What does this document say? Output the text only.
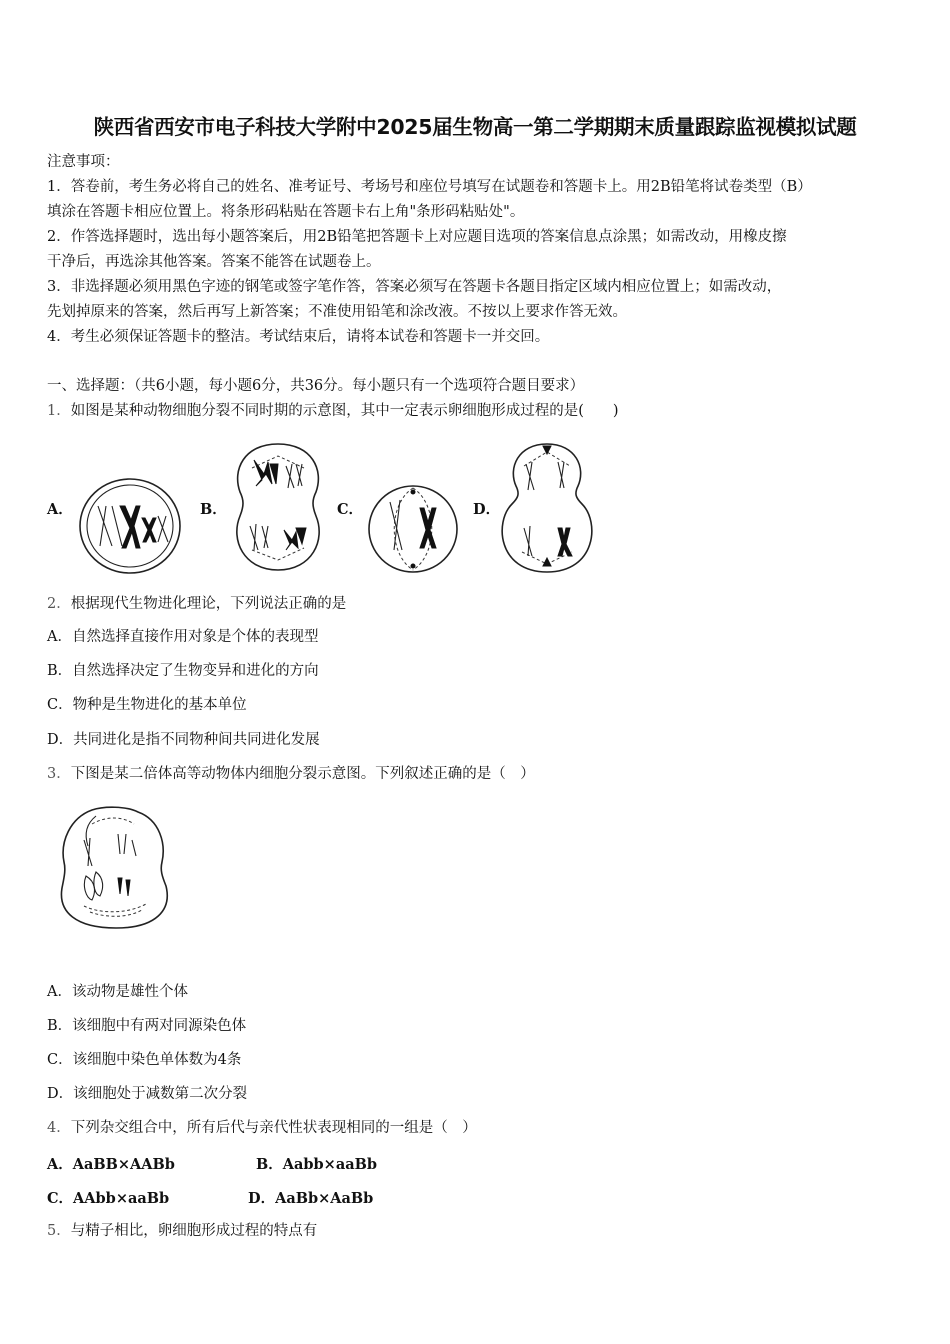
陕西省西安市电子科技大学附中2025届生物高一第二学期期末质量跟踪监视模拟试题
注意事项：
1．答卷前，考生务必将自己的姓名、准考证号、考场号和座位号填写在试题卷和答题卡上。用2B铅笔将试卷类型（B）
填涂在答题卡相应位置上。将条形码粘贴在答题卡右上角"条形码粘贴处"。
2．作答选择题时，选出每小题答案后，用2B铅笔把答题卡上对应题目选项的答案信息点涂黑；如需改动，用橡皮擦
干净后，再选涂其他答案。答案不能答在试题卷上。
3．非选择题必须用黑色字迹的钢笔或签字笔作答，答案必须写在答题卡各题目指定区域内相应位置上；如需改动，
先划掉原来的答案，然后再写上新答案；不准使用铅笔和涂改液。不按以上要求作答无效。
4．考生必须保证答题卡的整洁。考试结束后，请将本试卷和答题卡一并交回。
一、选择题：（共6小题，每小题6分，共36分。每小题只有一个选项符合题目要求）
1．如图是某种动物细胞分裂不同时期的示意图，其中一定表示卵细胞形成过程的是(　　)
A．	B．	C．	D．
2．根据现代生物进化理论，下列说法正确的是
A．自然选择直接作用对象是个体的表现型
B．自然选择决定了生物变异和进化的方向
C．物种是生物进化的基本单位
D．共同进化是指不同物种间共同进化发展
3．下图是某二倍体高等动物体内细胞分裂示意图。下列叙述正确的是（　）
A．该动物是雄性个体
B．该细胞中有两对同源染色体
C．该细胞中染色单体数为4条
D．该细胞处于减数第二次分裂
4．下列杂交组合中，所有后代与亲代性状表现相同的一组是（　）
A．AaBB×AABb	B．Aabb×aaBb
C．AAbb×aaBb	D．AaBb×AaBb
5．与精子相比，卵细胞形成过程的特点有
